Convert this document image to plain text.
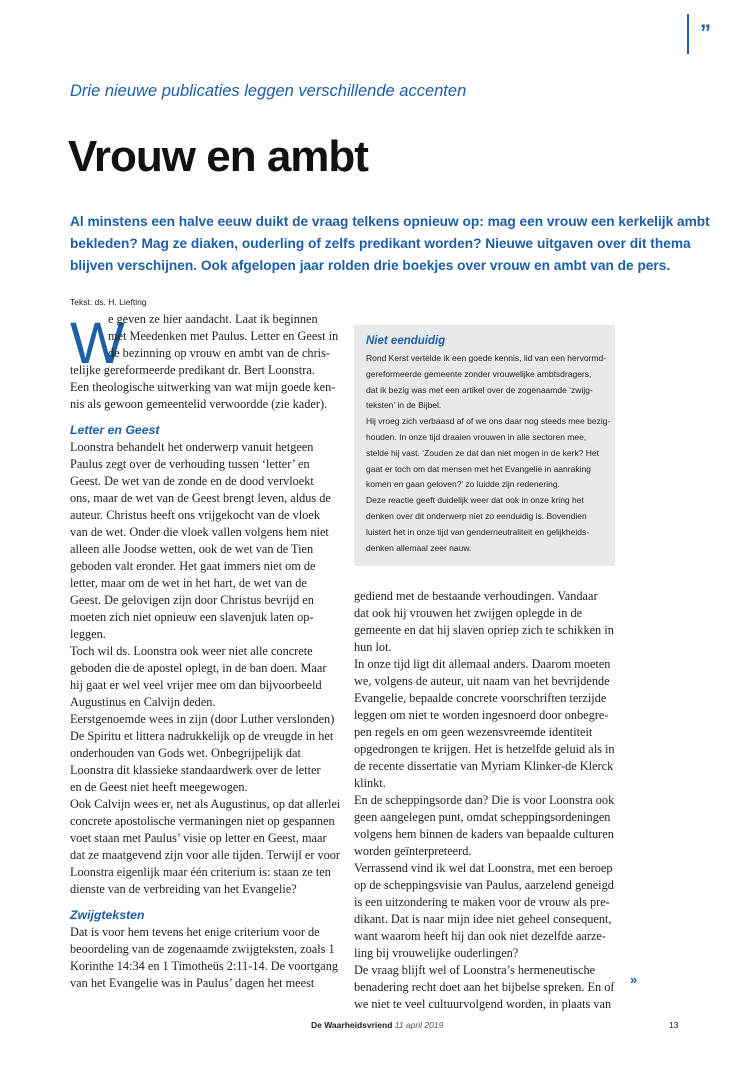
”
Drie nieuwe publicaties leggen verschillende accenten
Vrouw en ambt
Al minstens een halve eeuw duikt de vraag telkens opnieuw op: mag een vrouw een kerkelijk ambt
bekleden? Mag ze diaken, ouderling of zelfs predikant worden? Nieuwe uitgaven over dit thema
blijven verschijnen. Ook afgelopen jaar rolden drie boekjes over vrouw en ambt van de pers.
Tekst: ds. H. Liefting
W
e geven ze hier aandacht. Laat ik beginnen
met Meedenken met Paulus. Letter en Geest in
de bezinning op vrouw en ambt van de chris-
telijke gereformeerde predikant dr. Bert Loonstra.
Een theologische uitwerking van wat mijn goede ken-
nis als gewoon gemeentelid verwoordde (zie kader).
Letter en Geest
Loonstra behandelt het onderwerp vanuit hetgeen
Paulus zegt over de verhouding tussen ‘letter’ en
Geest. De wet van de zonde en de dood vervloekt
ons, maar de wet van de Geest brengt leven, aldus de
auteur. Christus heeft ons vrijgekocht van de vloek
van de wet. Onder die vloek vallen volgens hem niet
alleen alle Joodse wetten, ook de wet van de Tien
geboden valt eronder. Het gaat immers niet om de
letter, maar om de wet in het hart, de wet van de
Geest. De gelovigen zijn door Christus bevrijd en
moeten zich niet opnieuw een slavenjuk laten op-
leggen.
Toch wil ds. Loonstra ook weer niet alle concrete
geboden die de apostel oplegt, in de ban doen. Maar
hij gaat er wel veel vrijer mee om dan bijvoorbeeld
Augustinus en Calvijn deden.
Eerstgenoemde wees in zijn (door Luther verslonden)
De Spiritu et littera nadrukkelijk op de vreugde in het
onderhouden van Gods wet. Onbegrijpelijk dat
Loonstra dit klassieke standaardwerk over de letter
en de Geest niet heeft meegewogen.
Ook Calvijn wees er, net als Augustinus, op dat allerlei
concrete apostolische vermaningen niet op gespannen
voet staan met Paulus’ visie op letter en Geest, maar
dat ze maatgevend zijn voor alle tijden. Terwijl er voor
Loonstra eigenlijk maar één criterium is: staan ze ten
dienste van de verbreiding van het Evangelie?
Zwijgteksten
Dat is voor hem tevens het enige criterium voor de
beoordeling van de zogenaamde zwijgteksten, zoals 1
Korinthe 14:34 en 1 Timotheüs 2:11-14. De voortgang
van het Evangelie was in Paulus’ dagen het meest
Niet eenduidig
Rond Kerst vertelde ik een goede kennis, lid van een hervormd-
gereformeerde gemeente zonder vrouwelijke ambtsdragers,
dat ik bezig was met een artikel over de zogenaamde ‘zwijg-
teksten’ in de Bijbel.
Hij vroeg zich verbaasd af of we ons daar nog steeds mee bezig-
houden. In onze tijd draaien vrouwen in alle sectoren mee,
stelde hij vast. ‘Zouden ze dat dan niet mogen in de kerk? Het
gaat er toch om dat mensen met het Evangelie in aanraking
komen en gaan geloven?’ zo luidde zijn redenering.
Deze reactie geeft duidelijk weer dat ook in onze kring het
denken over dit onderwerp niet zo eenduidig is. Bovendien
luistert het in onze tijd van genderneutraliteit en gelijkheids-
denken allemaal zeer nauw.
gediend met de bestaande verhoudingen. Vandaar
dat ook hij vrouwen het zwijgen oplegde in de
gemeente en dat hij slaven opriep zich te schikken in
hun lot.
In onze tijd ligt dit allemaal anders. Daarom moeten
we, volgens de auteur, uit naam van het bevrijdende
Evangelie, bepaalde concrete voorschriften terzijde
leggen om niet te worden ingesnoerd door onbegre-
pen regels en om geen wezensvreemde identiteit
opgedrongen te krijgen. Het is hetzelfde geluid als in
de recente dissertatie van Myriam Klinker-de Klerck
klinkt.
En de scheppingsorde dan? Die is voor Loonstra ook
geen aangelegen punt, omdat scheppingsordeningen
volgens hem binnen de kaders van bepaalde culturen
worden geïnterpreteerd.
Verrassend vind ik wel dat Loonstra, met een beroep
op de scheppingsvisie van Paulus, aarzelend geneigd
is een uitzondering te maken voor de vrouw als pre-
dikant. Dat is naar mijn idee niet geheel consequent,
want waarom heeft hij dan ook niet dezelfde aarze-
ling bij vrouwelijke ouderlingen?
De vraag blijft wel of Loonstra’s hermeneutische
benadering recht doet aan het bijbelse spreken. En of
we niet te veel cultuurvolgend worden, in plaats van
»
De Waarheidsvriend 11 april 2019	13
